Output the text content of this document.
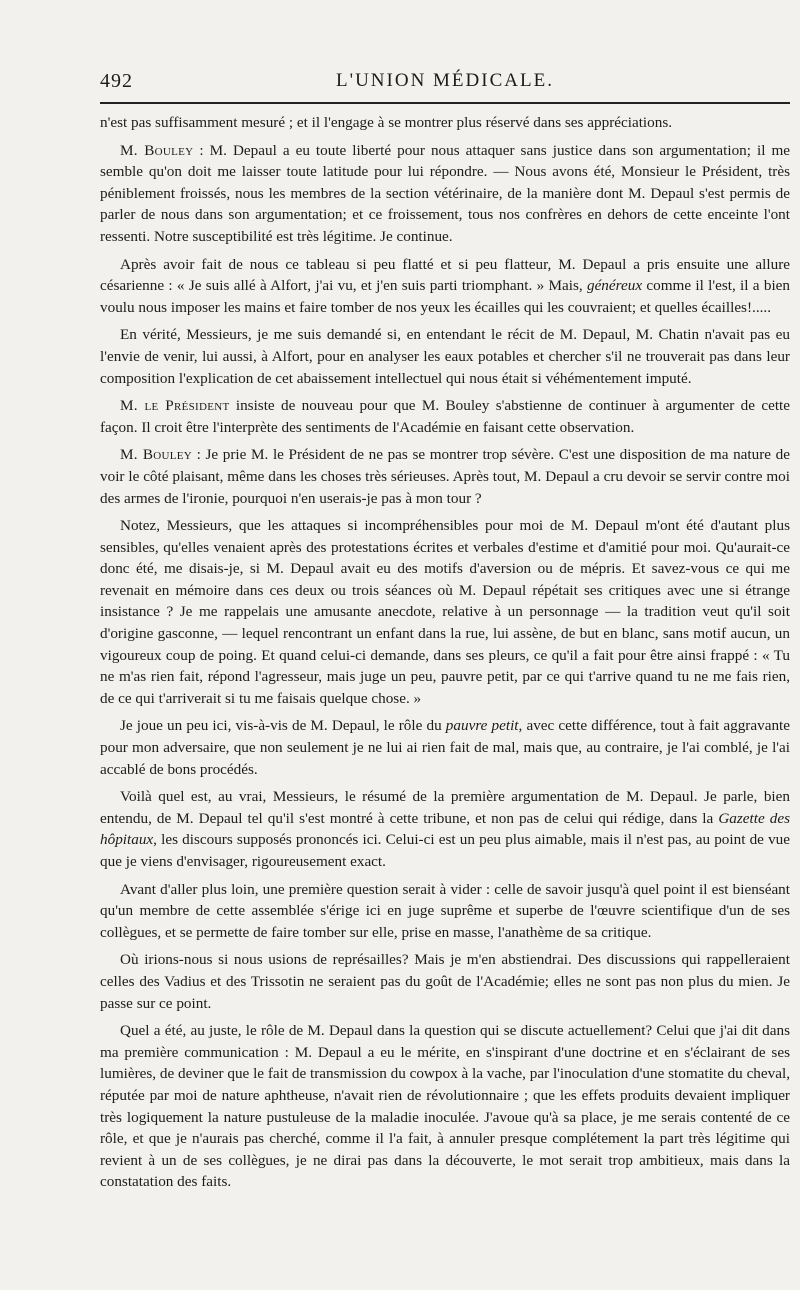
492	L'UNION MÉDICALE.

n'est pas suffisamment mesuré ; et il l'engage à se montrer plus réservé dans ses appréciations.

M. Bouley : M. Depaul a eu toute liberté pour nous attaquer sans justice dans son argumentation; il me semble qu'on doit me laisser toute latitude pour lui répondre. — Nous avons été, Monsieur le Président, très péniblement froissés, nous les membres de la section vétérinaire, de la manière dont M. Depaul s'est permis de parler de nous dans son argumentation; et ce froissement, tous nos confrères en dehors de cette enceinte l'ont ressenti. Notre susceptibilité est très légitime. Je continue.

Après avoir fait de nous ce tableau si peu flatté et si peu flatteur, M. Depaul a pris ensuite une allure césarienne : « Je suis allé à Alfort, j'ai vu, et j'en suis parti triomphant. » Mais, généreux comme il l'est, il a bien voulu nous imposer les mains et faire tomber de nos yeux les écailles qui les couvraient; et quelles écailles!.....

En vérité, Messieurs, je me suis demandé si, en entendant le récit de M. Depaul, M. Chatin n'avait pas eu l'envie de venir, lui aussi, à Alfort, pour en analyser les eaux potables et chercher s'il ne trouverait pas dans leur composition l'explication de cet abaissement intellectuel qui nous était si véhémentement imputé.

M. le Président insiste de nouveau pour que M. Bouley s'abstienne de continuer à argumenter de cette façon. Il croit être l'interprète des sentiments de l'Académie en faisant cette observation.

M. Bouley : Je prie M. le Président de ne pas se montrer trop sévère. C'est une disposition de ma nature de voir le côté plaisant, même dans les choses très sérieuses. Après tout, M. Depaul a cru devoir se servir contre moi des armes de l'ironie, pourquoi n'en userais-je pas à mon tour ?

Notez, Messieurs, que les attaques si incompréhensibles pour moi de M. Depaul m'ont été d'autant plus sensibles, qu'elles venaient après des protestations écrites et verbales d'estime et d'amitié pour moi. Qu'aurait-ce donc été, me disais-je, si M. Depaul avait eu des motifs d'aversion ou de mépris. Et savez-vous ce qui me revenait en mémoire dans ces deux ou trois séances où M. Depaul répétait ses critiques avec une si étrange insistance ? Je me rappelais une amusante anecdote, relative à un personnage — la tradition veut qu'il soit d'origine gasconne, — lequel rencontrant un enfant dans la rue, lui assène, de but en blanc, sans motif aucun, un vigoureux coup de poing. Et quand celui-ci demande, dans ses pleurs, ce qu'il a fait pour être ainsi frappé : « Tu ne m'as rien fait, répond l'agresseur, mais juge un peu, pauvre petit, par ce qui t'arrive quand tu ne me fais rien, de ce qui t'arriverait si tu me faisais quelque chose. »

Je joue un peu ici, vis-à-vis de M. Depaul, le rôle du pauvre petit, avec cette différence, tout à fait aggravante pour mon adversaire, que non seulement je ne lui ai rien fait de mal, mais que, au contraire, je l'ai comblé, je l'ai accablé de bons procédés.

Voilà quel est, au vrai, Messieurs, le résumé de la première argumentation de M. Depaul. Je parle, bien entendu, de M. Depaul tel qu'il s'est montré à cette tribune, et non pas de celui qui rédige, dans la Gazette des hôpitaux, les discours supposés prononcés ici. Celui-ci est un peu plus aimable, mais il n'est pas, au point de vue que je viens d'envisager, rigoureusement exact.

Avant d'aller plus loin, une première question serait à vider : celle de savoir jusqu'à quel point il est bienséant qu'un membre de cette assemblée s'érige ici en juge suprême et superbe de l'œuvre scientifique d'un de ses collègues, et se permette de faire tomber sur elle, prise en masse, l'anathème de sa critique.

Où irions-nous si nous usions de représailles? Mais je m'en abstiendrai. Des discussions qui rappelleraient celles des Vadius et des Trissotin ne seraient pas du goût de l'Académie; elles ne sont pas non plus du mien. Je passe sur ce point.

Quel a été, au juste, le rôle de M. Depaul dans la question qui se discute actuellement? Celui que j'ai dit dans ma première communication : M. Depaul a eu le mérite, en s'inspirant d'une doctrine et en s'éclairant de ses lumières, de deviner que le fait de transmission du cowpox à la vache, par l'inoculation d'une stomatite du cheval, réputée par moi de nature aphtheuse, n'avait rien de révolutionnaire ; que les effets produits devaient impliquer très logiquement la nature pustuleuse de la maladie inoculée. J'avoue qu'à sa place, je me serais contenté de ce rôle, et que je n'aurais pas cherché, comme il l'a fait, à annuler presque complétement la part très légitime qui revient à un de ses collègues, je ne dirai pas dans la découverte, le mot serait trop ambitieux, mais dans la constatation des faits.
